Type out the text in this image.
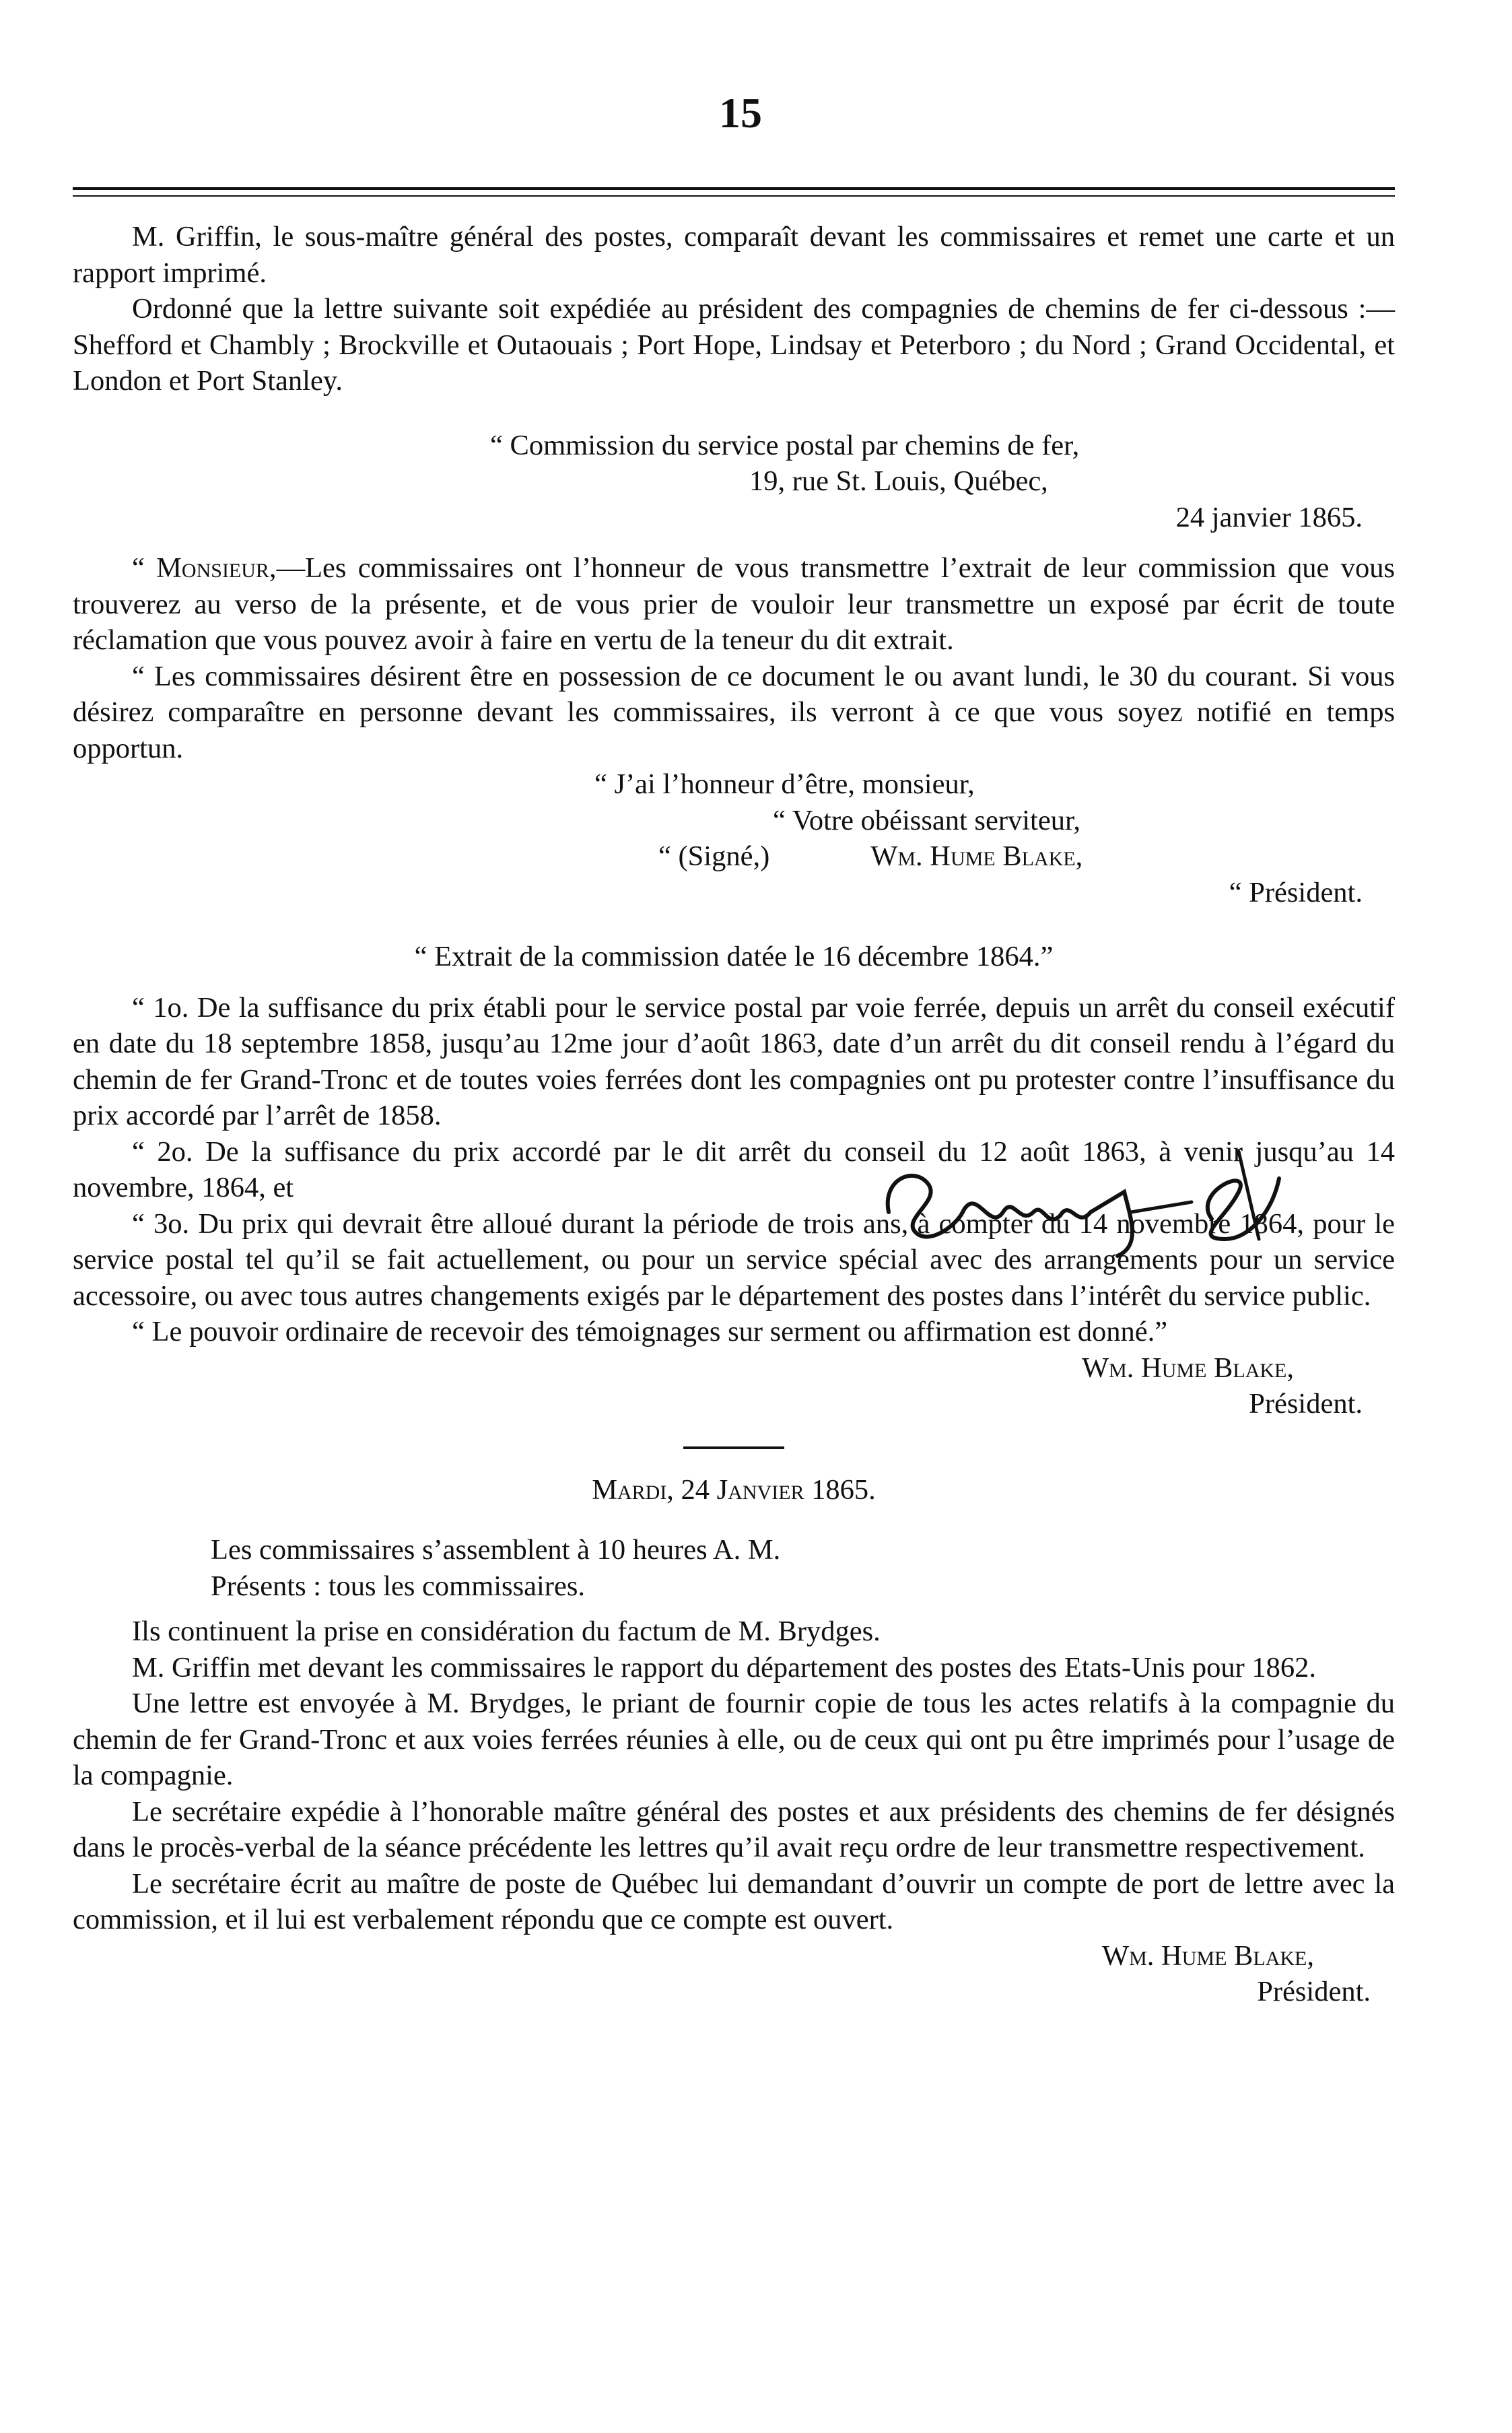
15

M. Griffin, le sous-maître général des postes, comparaît devant les commissaires et remet une carte et un rapport imprimé.

Ordonné que la lettre suivante soit expédiée au président des compagnies de chemins de fer ci-dessous :—Shefford et Chambly ; Brockville et Outaouais ; Port Hope, Lindsay et Peterboro ; du Nord ; Grand Occidental, et London et Port Stanley.

“ Commission du service postal par chemins de fer,

19, rue St. Louis, Québec,

24 janvier 1865.

“ Monsieur,—Les commissaires ont l’honneur de vous transmettre l’extrait de leur commission que vous trouverez au verso de la présente, et de vous prier de vouloir leur transmettre un exposé par écrit de toute réclamation que vous pouvez avoir à faire en vertu de la teneur du dit extrait.

“ Les commissaires désirent être en possession de ce document le ou avant lundi, le 30 du courant. Si vous désirez comparaître en personne devant les commissaires, ils verront à ce que vous soyez notifié en temps opportun.

“ J’ai l’honneur d’être, monsieur,

“ Votre obéissant serviteur,

“ (Signé,)	Wm. Hume Blake,

“ Président.

“ Extrait de la commission datée le 16 décembre 1864.”

“ 1o. De la suffisance du prix établi pour le service postal par voie ferrée, depuis un arrêt du conseil exécutif en date du 18 septembre 1858, jusqu’au 12me jour d’août 1863, date d’un arrêt du dit conseil rendu à l’égard du chemin de fer Grand-Tronc et de toutes voies ferrées dont les compagnies ont pu protester contre l’insuffisance du prix accordé par l’arrêt de 1858.

“ 2o. De la suffisance du prix accordé par le dit arrêt du conseil du 12 août 1863, à venir jusqu’au 14 novembre, 1864, et

“ 3o. Du prix qui devrait être alloué durant la période de trois ans, à compter du 14 novembre 1864, pour le service postal tel qu’il se fait actuellement, ou pour un service spécial avec des arrangements pour un service accessoire, ou avec tous autres changements exigés par le département des postes dans l’intérêt du service public.

“ Le pouvoir ordinaire de recevoir des témoignages sur serment ou affirmation est donné.”

Wm. Hume Blake,

Président.

Mardi, 24 Janvier 1865.

Les commissaires s’assemblent à 10 heures A. M.

Présents : tous les commissaires.

Ils continuent la prise en considération du factum de M. Brydges.

M. Griffin met devant les commissaires le rapport du département des postes des Etats-Unis pour 1862.

Une lettre est envoyée à M. Brydges, le priant de fournir copie de tous les actes relatifs à la compagnie du chemin de fer Grand-Tronc et aux voies ferrées réunies à elle, ou de ceux qui ont pu être imprimés pour l’usage de la compagnie.

Le secrétaire expédie à l’honorable maître général des postes et aux présidents des chemins de fer désignés dans le procès-verbal de la séance précédente les lettres qu’il avait reçu ordre de leur transmettre respectivement.

Le secrétaire écrit au maître de poste de Québec lui demandant d’ouvrir un compte de port de lettre avec la commission, et il lui est verbalement répondu que ce compte est ouvert.

Wm. Hume Blake,

Président.
